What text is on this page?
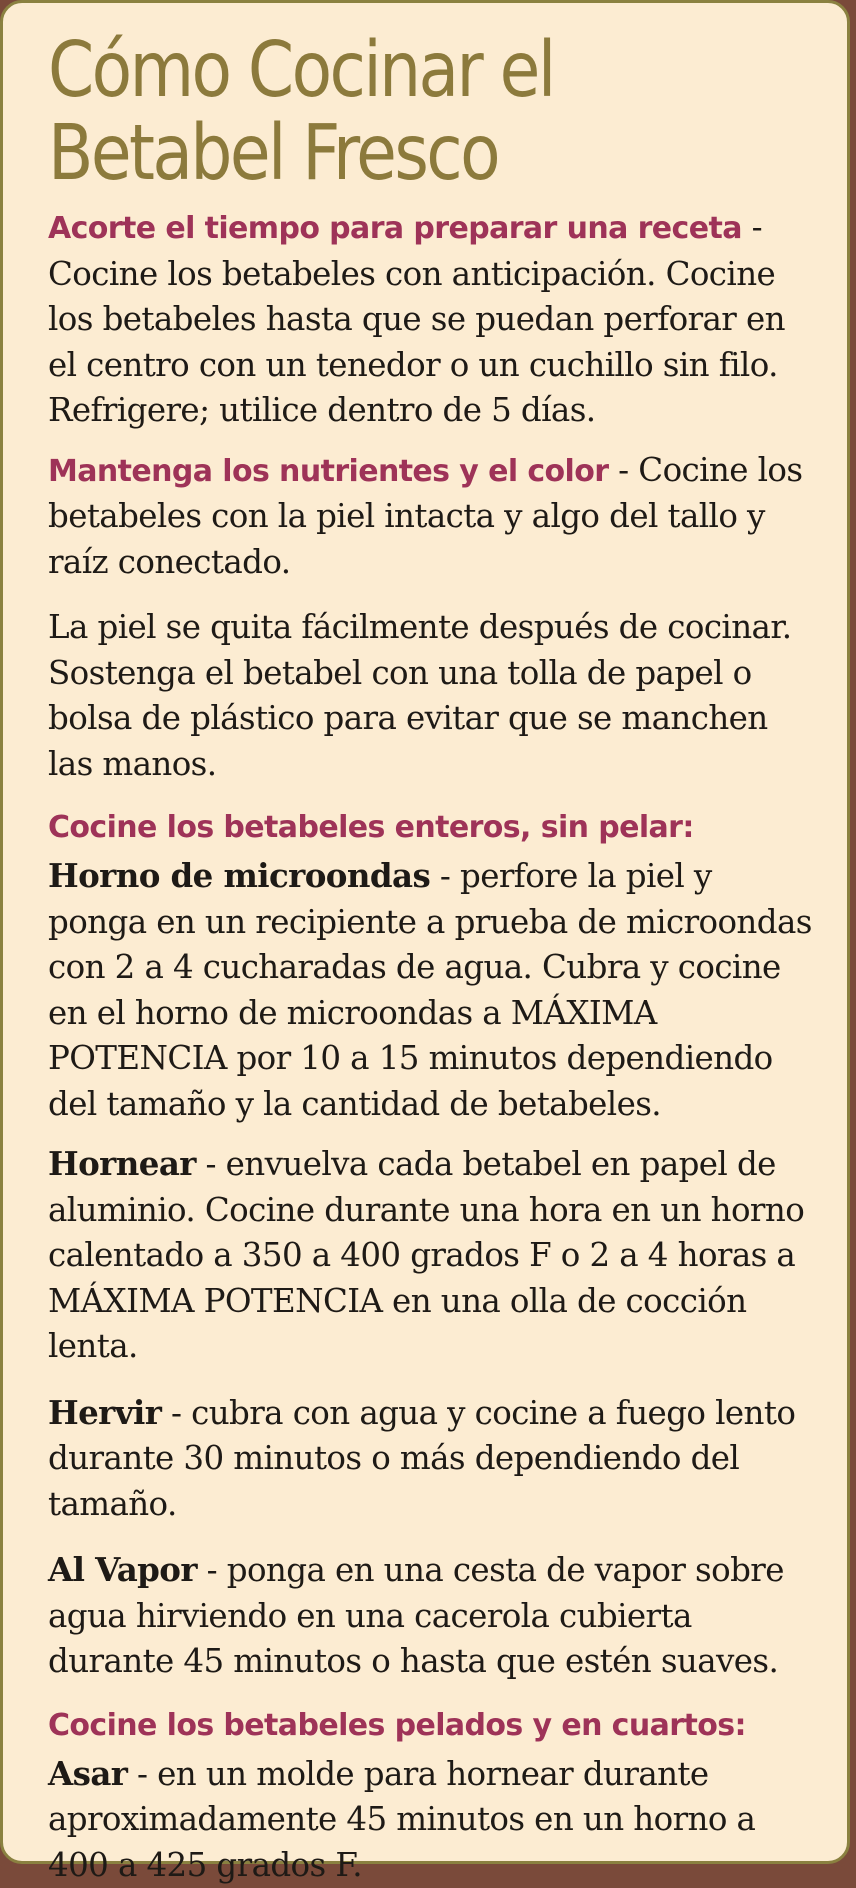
Cómo Cocinar el Betabel Fresco

Acorte el tiempo para preparar una receta - Cocine los betabeles con anticipación. Cocine los betabeles hasta que se puedan perforar en el centro con un tenedor o un cuchillo sin filo. Refrigere; utilice dentro de 5 días.

Mantenga los nutrientes y el color - Cocine los betabeles con la piel intacta y algo del tallo y raíz conectado.

La piel se quita fácilmente después de cocinar. Sostenga el betabel con una tolla de papel o bolsa de plástico para evitar que se manchen las manos.

Cocine los betabeles enteros, sin pelar:

Horno de microondas - perfore la piel y ponga en un recipiente a prueba de microondas con 2 a 4 cucharadas de agua. Cubra y cocine en el horno de microondas a MÁXIMA POTENCIA por 10 a 15 minutos dependiendo del tamaño y la cantidad de betabeles.

Hornear - envuelva cada betabel en papel de aluminio. Cocine durante una hora en un horno calentado a 350 a 400 grados F o 2 a 4 horas a MÁXIMA POTENCIA en una olla de cocción lenta.

Hervir - cubra con agua y cocine a fuego lento durante 30 minutos o más dependiendo del tamaño.

Al Vapor - ponga en una cesta de vapor sobre agua hirviendo en una cacerola cubierta durante 45 minutos o hasta que estén suaves.

Cocine los betabeles pelados y en cuartos:

Asar - en un molde para hornear durante aproximadamente 45 minutos en un horno a 400 a 425 grados F.
